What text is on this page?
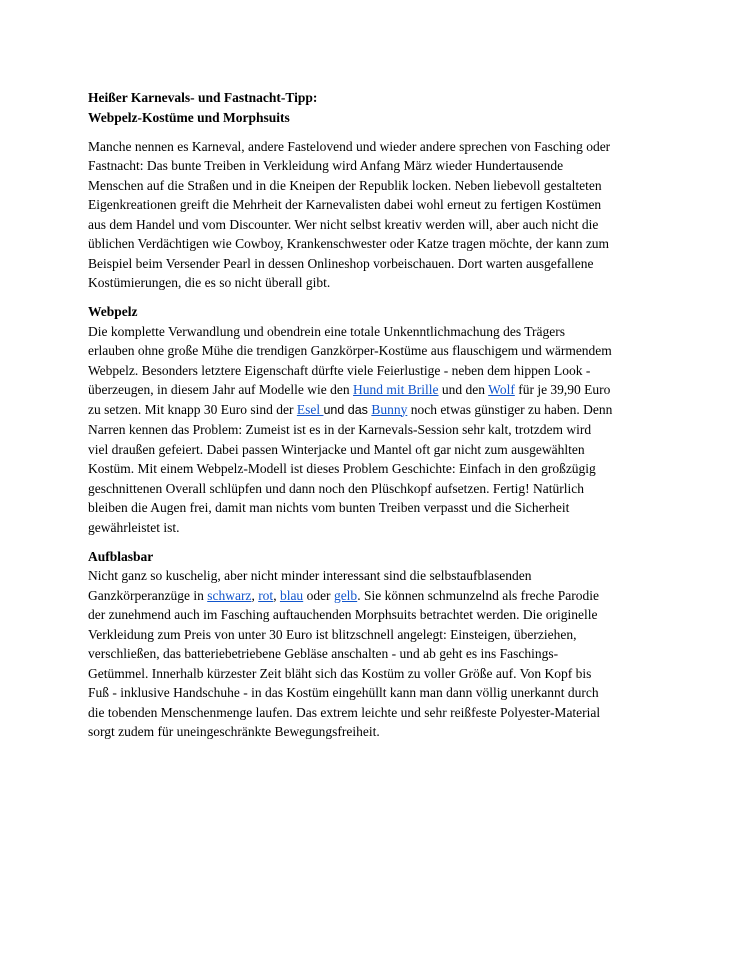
Heißer Karnevals- und Fastnacht-Tipp:
Webpelz-Kostüme und Morphsuits
Manche nennen es Karneval, andere Fastelovend und wieder andere sprechen von Fasching oder
Fastnacht: Das bunte Treiben in Verkleidung wird Anfang März wieder Hundertausende
Menschen auf die Straßen und in die Kneipen der Republik locken. Neben liebevoll gestalteten
Eigenkreationen greift die Mehrheit der Karnevalisten dabei wohl erneut zu fertigen Kostümen
aus dem Handel und vom Discounter. Wer nicht selbst kreativ werden will, aber auch nicht die
üblichen Verdächtigen wie Cowboy, Krankenschwester oder Katze tragen möchte, der kann zum
Beispiel beim Versender Pearl in dessen Onlineshop vorbeischauen. Dort warten ausgefallene
Kostümierungen, die es so nicht überall gibt.
Webpelz
Die komplette Verwandlung und obendrein eine totale Unkenntlichmachung des Trägers
erlauben ohne große Mühe die trendigen Ganzkörper-Kostüme aus flauschigem und wärmendem
Webpelz. Besonders letztere Eigenschaft dürfte viele Feierlustige - neben dem hippen Look -
überzeugen, in diesem Jahr auf Modelle wie den Hund mit Brille und den Wolf für je 39,90 Euro
zu setzen. Mit knapp 30 Euro sind der Esel und das Bunny noch etwas günstiger zu haben. Denn
Narren kennen das Problem: Zumeist ist es in der Karnevals-Session sehr kalt, trotzdem wird
viel draußen gefeiert. Dabei passen Winterjacke und Mantel oft gar nicht zum ausgewählten
Kostüm. Mit einem Webpelz-Modell ist dieses Problem Geschichte: Einfach in den großzügig
geschnittenen Overall schlüpfen und dann noch den Plüschkopf aufsetzen. Fertig! Natürlich
bleiben die Augen frei, damit man nichts vom bunten Treiben verpasst und die Sicherheit
gewährleistet ist.
Aufblasbar
Nicht ganz so kuschelig, aber nicht minder interessant sind die selbstaufblasenden
Ganzkörperanzüge in schwarz, rot, blau oder gelb. Sie können schmunzelnd als freche Parodie
der zunehmend auch im Fasching auftauchenden Morphsuits betrachtet werden. Die originelle
Verkleidung zum Preis von unter 30 Euro ist blitzschnell angelegt: Einsteigen, überziehen,
verschließen, das batteriebetriebene Gebläse anschalten - und ab geht es ins Faschings-
Getümmel. Innerhalb kürzester Zeit bläht sich das Kostüm zu voller Größe auf. Von Kopf bis
Fuß - inklusive Handschuhe - in das Kostüm eingehüllt kann man dann völlig unerkannt durch
die tobenden Menschenmenge laufen. Das extrem leichte und sehr reißfeste Polyester-Material
sorgt zudem für uneingeschränkte Bewegungsfreiheit.
